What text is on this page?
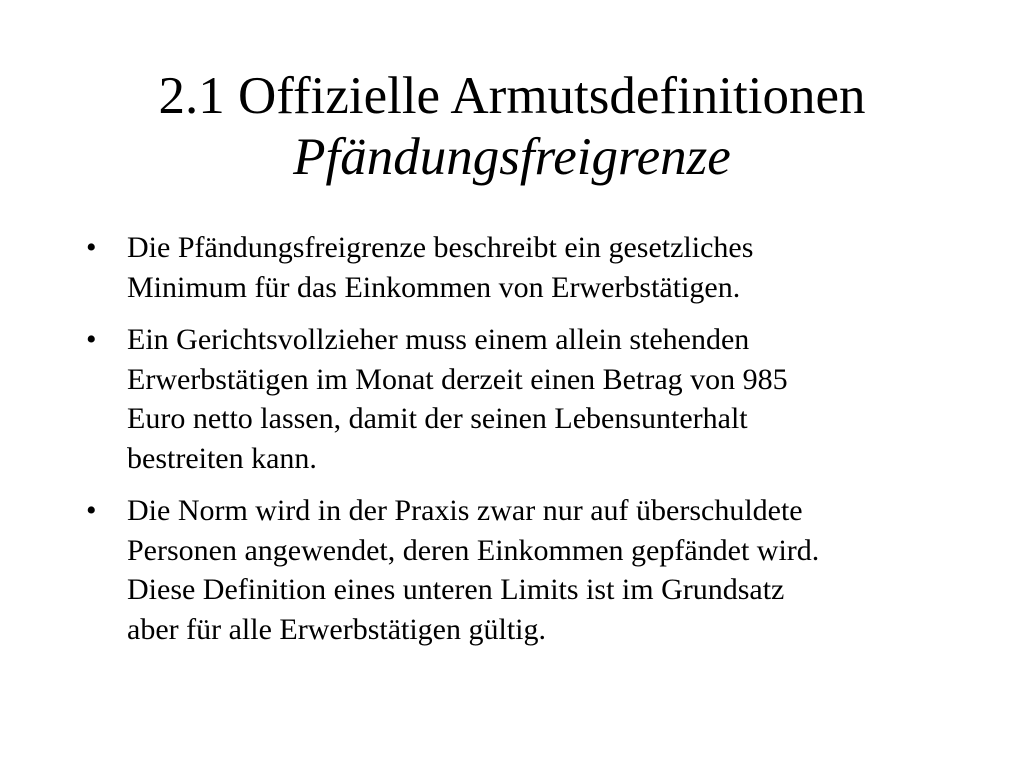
2.1 Offizielle Armutsdefinitionen
Pfändungsfreigrenze
•	Die Pfändungsfreigrenze beschreibt ein gesetzliches
Minimum für das Einkommen von Erwerbstätigen.
•	Ein Gerichtsvollzieher muss einem allein stehenden
Erwerbstätigen im Monat derzeit einen Betrag von 985
Euro netto lassen, damit der seinen Lebensunterhalt
bestreiten kann.
•	Die Norm wird in der Praxis zwar nur auf überschuldete
Personen angewendet, deren Einkommen gepfändet wird.
Diese Definition eines unteren Limits ist im Grundsatz
aber für alle Erwerbstätigen gültig.
